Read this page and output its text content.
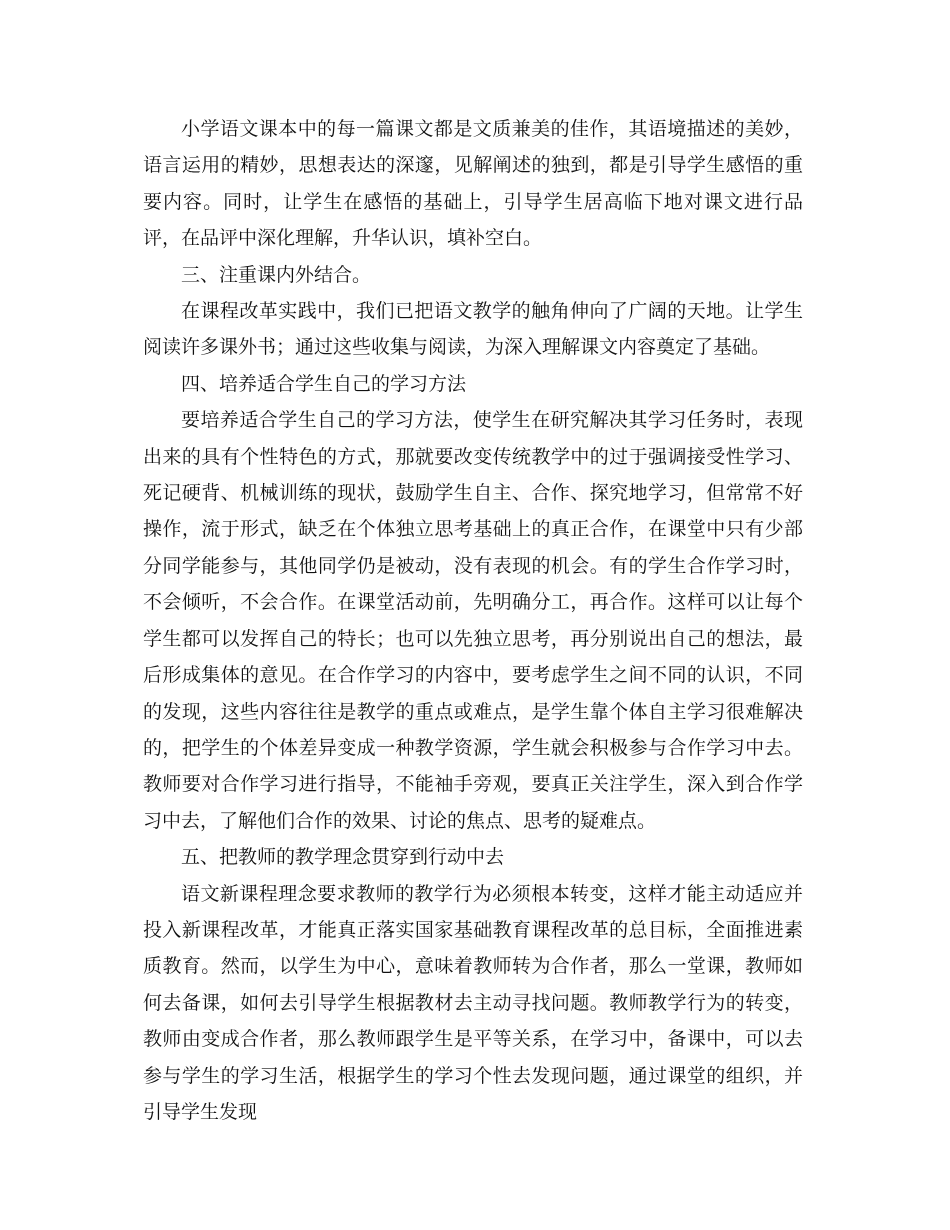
小学语文课本中的每一篇课文都是文质兼美的佳作，其语境描述的美妙，语言运用的精妙，思想表达的深邃，见解阐述的独到，都是引导学生感悟的重要内容。同时，让学生在感悟的基础上，引导学生居高临下地对课文进行品评，在品评中深化理解，升华认识，填补空白。

三、注重课内外结合。

在课程改革实践中，我们已把语文教学的触角伸向了广阔的天地。让学生阅读许多课外书；通过这些收集与阅读，为深入理解课文内容奠定了基础。

四、培养适合学生自己的学习方法

要培养适合学生自己的学习方法，使学生在研究解决其学习任务时，表现出来的具有个性特色的方式，那就要改变传统教学中的过于强调接受性学习、死记硬背、机械训练的现状，鼓励学生自主、合作、探究地学习，但常常不好操作，流于形式，缺乏在个体独立思考基础上的真正合作，在课堂中只有少部分同学能参与，其他同学仍是被动，没有表现的机会。有的学生合作学习时，不会倾听，不会合作。在课堂活动前，先明确分工，再合作。这样可以让每个学生都可以发挥自己的特长；也可以先独立思考，再分别说出自己的想法，最后形成集体的意见。在合作学习的内容中，要考虑学生之间不同的认识，不同的发现，这些内容往往是教学的重点或难点，是学生靠个体自主学习很难解决的，把学生的个体差异变成一种教学资源，学生就会积极参与合作学习中去。教师要对合作学习进行指导，不能袖手旁观，要真正关注学生，深入到合作学习中去，了解他们合作的效果、讨论的焦点、思考的疑难点。

五、把教师的教学理念贯穿到行动中去

语文新课程理念要求教师的教学行为必须根本转变，这样才能主动适应并投入新课程改革，才能真正落实国家基础教育课程改革的总目标，全面推进素质教育。然而，以学生为中心，意味着教师转为合作者，那么一堂课，教师如何去备课，如何去引导学生根据教材去主动寻找问题。教师教学行为的转变，教师由变成合作者，那么教师跟学生是平等关系，在学习中，备课中，可以去参与学生的学习生活，根据学生的学习个性去发现问题，通过课堂的组织，并引导学生发现
